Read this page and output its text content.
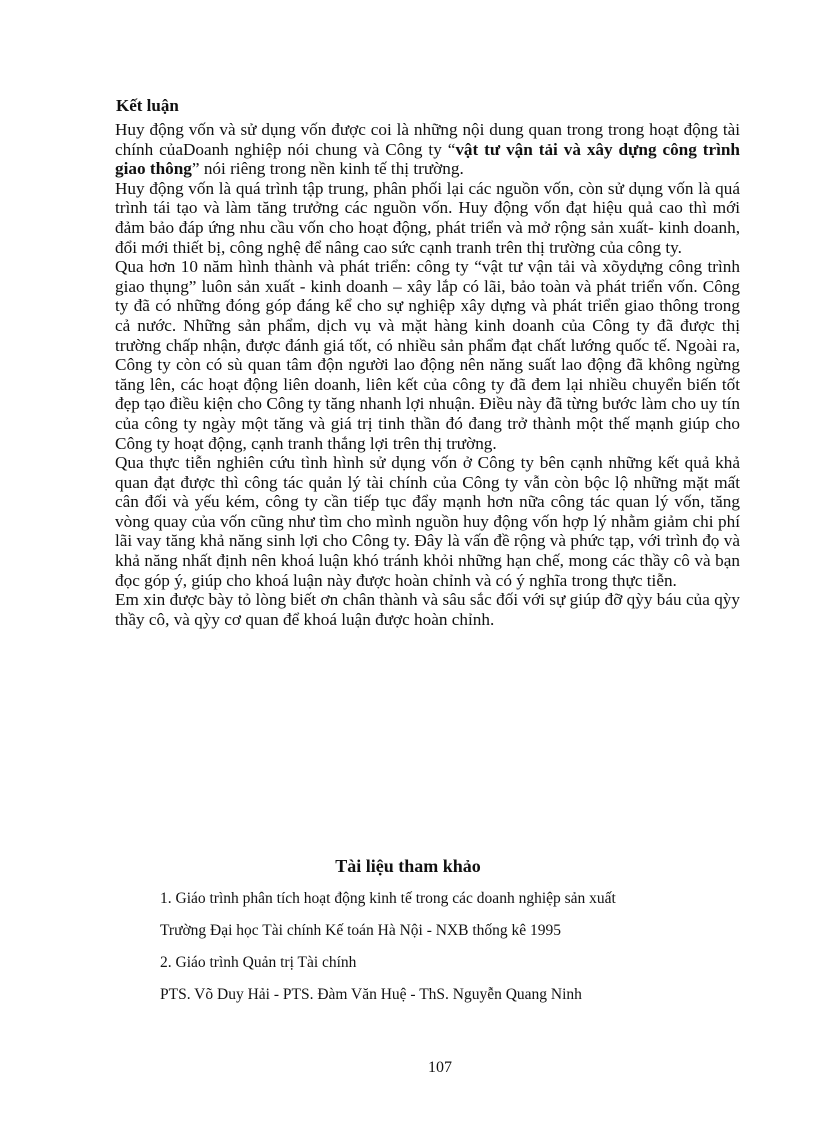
Kết luận

Huy động vốn và sử dụng vốn được coi là những nội dung quan trong trong hoạt động tài chính củaDoanh nghiệp nói chung và Công ty “vật tư vận tải và xây dựng công trình giao thông” nói riêng trong nền kinh tế thị trường.

Huy động vốn là quá trình tập trung, phân phối lại các nguồn vốn, còn sử dụng vốn là quá trình tái tạo và làm tăng trưởng các nguồn vốn. Huy động vốn đạt hiệu quả cao thì mới đảm bảo đáp ứng nhu cầu vốn cho hoạt động, phát triển và mở rộng sản xuất- kinh doanh, đổi mới thiết bị, công nghệ để nâng cao sức cạnh tranh trên thị trường của công ty.

Qua hơn 10 năm hình thành và phát triển: công ty “vật tư vận tải và xõydựng công trình giao thụng” luôn sản xuất - kinh doanh – xây lắp có lãi, bảo toàn và phát triển vốn. Công ty đã có những đóng góp đáng kể cho sự nghiệp xây dựng và phát triển giao thông trong cả nước. Những sản phẩm, dịch vụ và mặt hàng kinh doanh của Công ty đã được thị trường chấp nhận, được đánh giá tốt, có nhiều sản phẩm đạt chất lướng quốc tế. Ngoài ra, Công ty còn có sù quan tâm độn người lao động nên năng suất lao động đã không ngừng tăng lên, các hoạt động liên doanh, liên kết của công ty đã đem lại nhiều chuyển biến tốt đẹp tạo điều kiện cho Công ty tăng nhanh lợi nhuận. Điều này đã từng bước làm cho uy tín của công ty ngày một tăng và giá trị tinh thần đó đang trở thành một thế mạnh giúp cho Công ty hoạt động, cạnh tranh thắng lợi trên thị trường.

Qua thực tiễn nghiên cứu tình hình sử dụng vốn ở Công ty bên cạnh những kết quả khả quan đạt được thì công tác quản lý tài chính của Công ty vẫn còn bộc lộ những mặt mất cân đối và yếu kém, công ty cần tiếp tục đẩy mạnh hơn nữa công tác quan lý vốn, tăng vòng quay của vốn cũng như tìm cho mình nguồn huy động vốn hợp lý nhằm giảm chi phí lãi vay tăng khả năng sinh lợi cho Công ty. Đây là vấn đề rộng và phức tạp, với trình đọ và khả năng nhất định nên khoá luận khó tránh khỏi những hạn chế, mong các thầy cô và bạn đọc góp ý, giúp cho khoá luận này được hoàn chỉnh và có ý nghĩa trong thực tiễn.

Em xin được bày tỏ lòng biết ơn chân thành và sâu sắc đối với sự giúp đỡ qỳy báu của qỳy thầy cô, và qỳy cơ quan để khoá luận được hoàn chỉnh.

Tài liệu tham khảo
1. Giáo trình phân tích hoạt động kinh tế trong các doanh nghiệp sản xuất
Trường Đại học Tài chính Kế toán Hà Nội - NXB thống kê 1995
2. Giáo trình Quản trị Tài chính
PTS. Võ Duy Hải - PTS. Đàm Văn Huệ - ThS. Nguyễn Quang Ninh
107
